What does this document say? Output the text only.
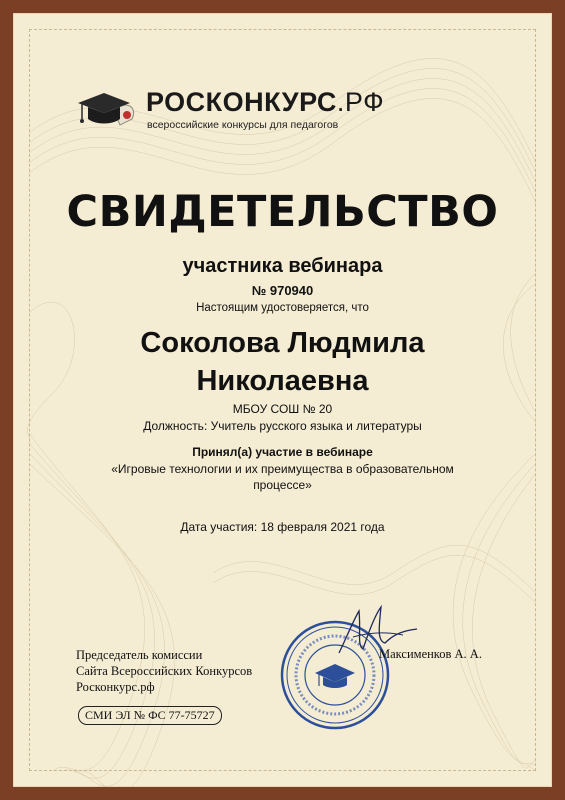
РОСКОНКУРС.РФ
всероссийские конкурсы для педагогов
СВИДЕТЕЛЬСТВО
участника вебинара
№ 970940
Настоящим удостоверяется, что
Соколова Людмила
Николаевна
МБОУ СОШ № 20
Должность: Учитель русского языка и литературы
Принял(а) участие в вебинаре
«Игровые технологии и их преимущества в образовательном
процессе»
Дата участия: 18 февраля 2021 года
Председатель комиссии
Сайта Всероссийских Конкурсов
Росконкурс.рф
Максименков А. А.
СМИ ЭЛ № ФС 77-75727
